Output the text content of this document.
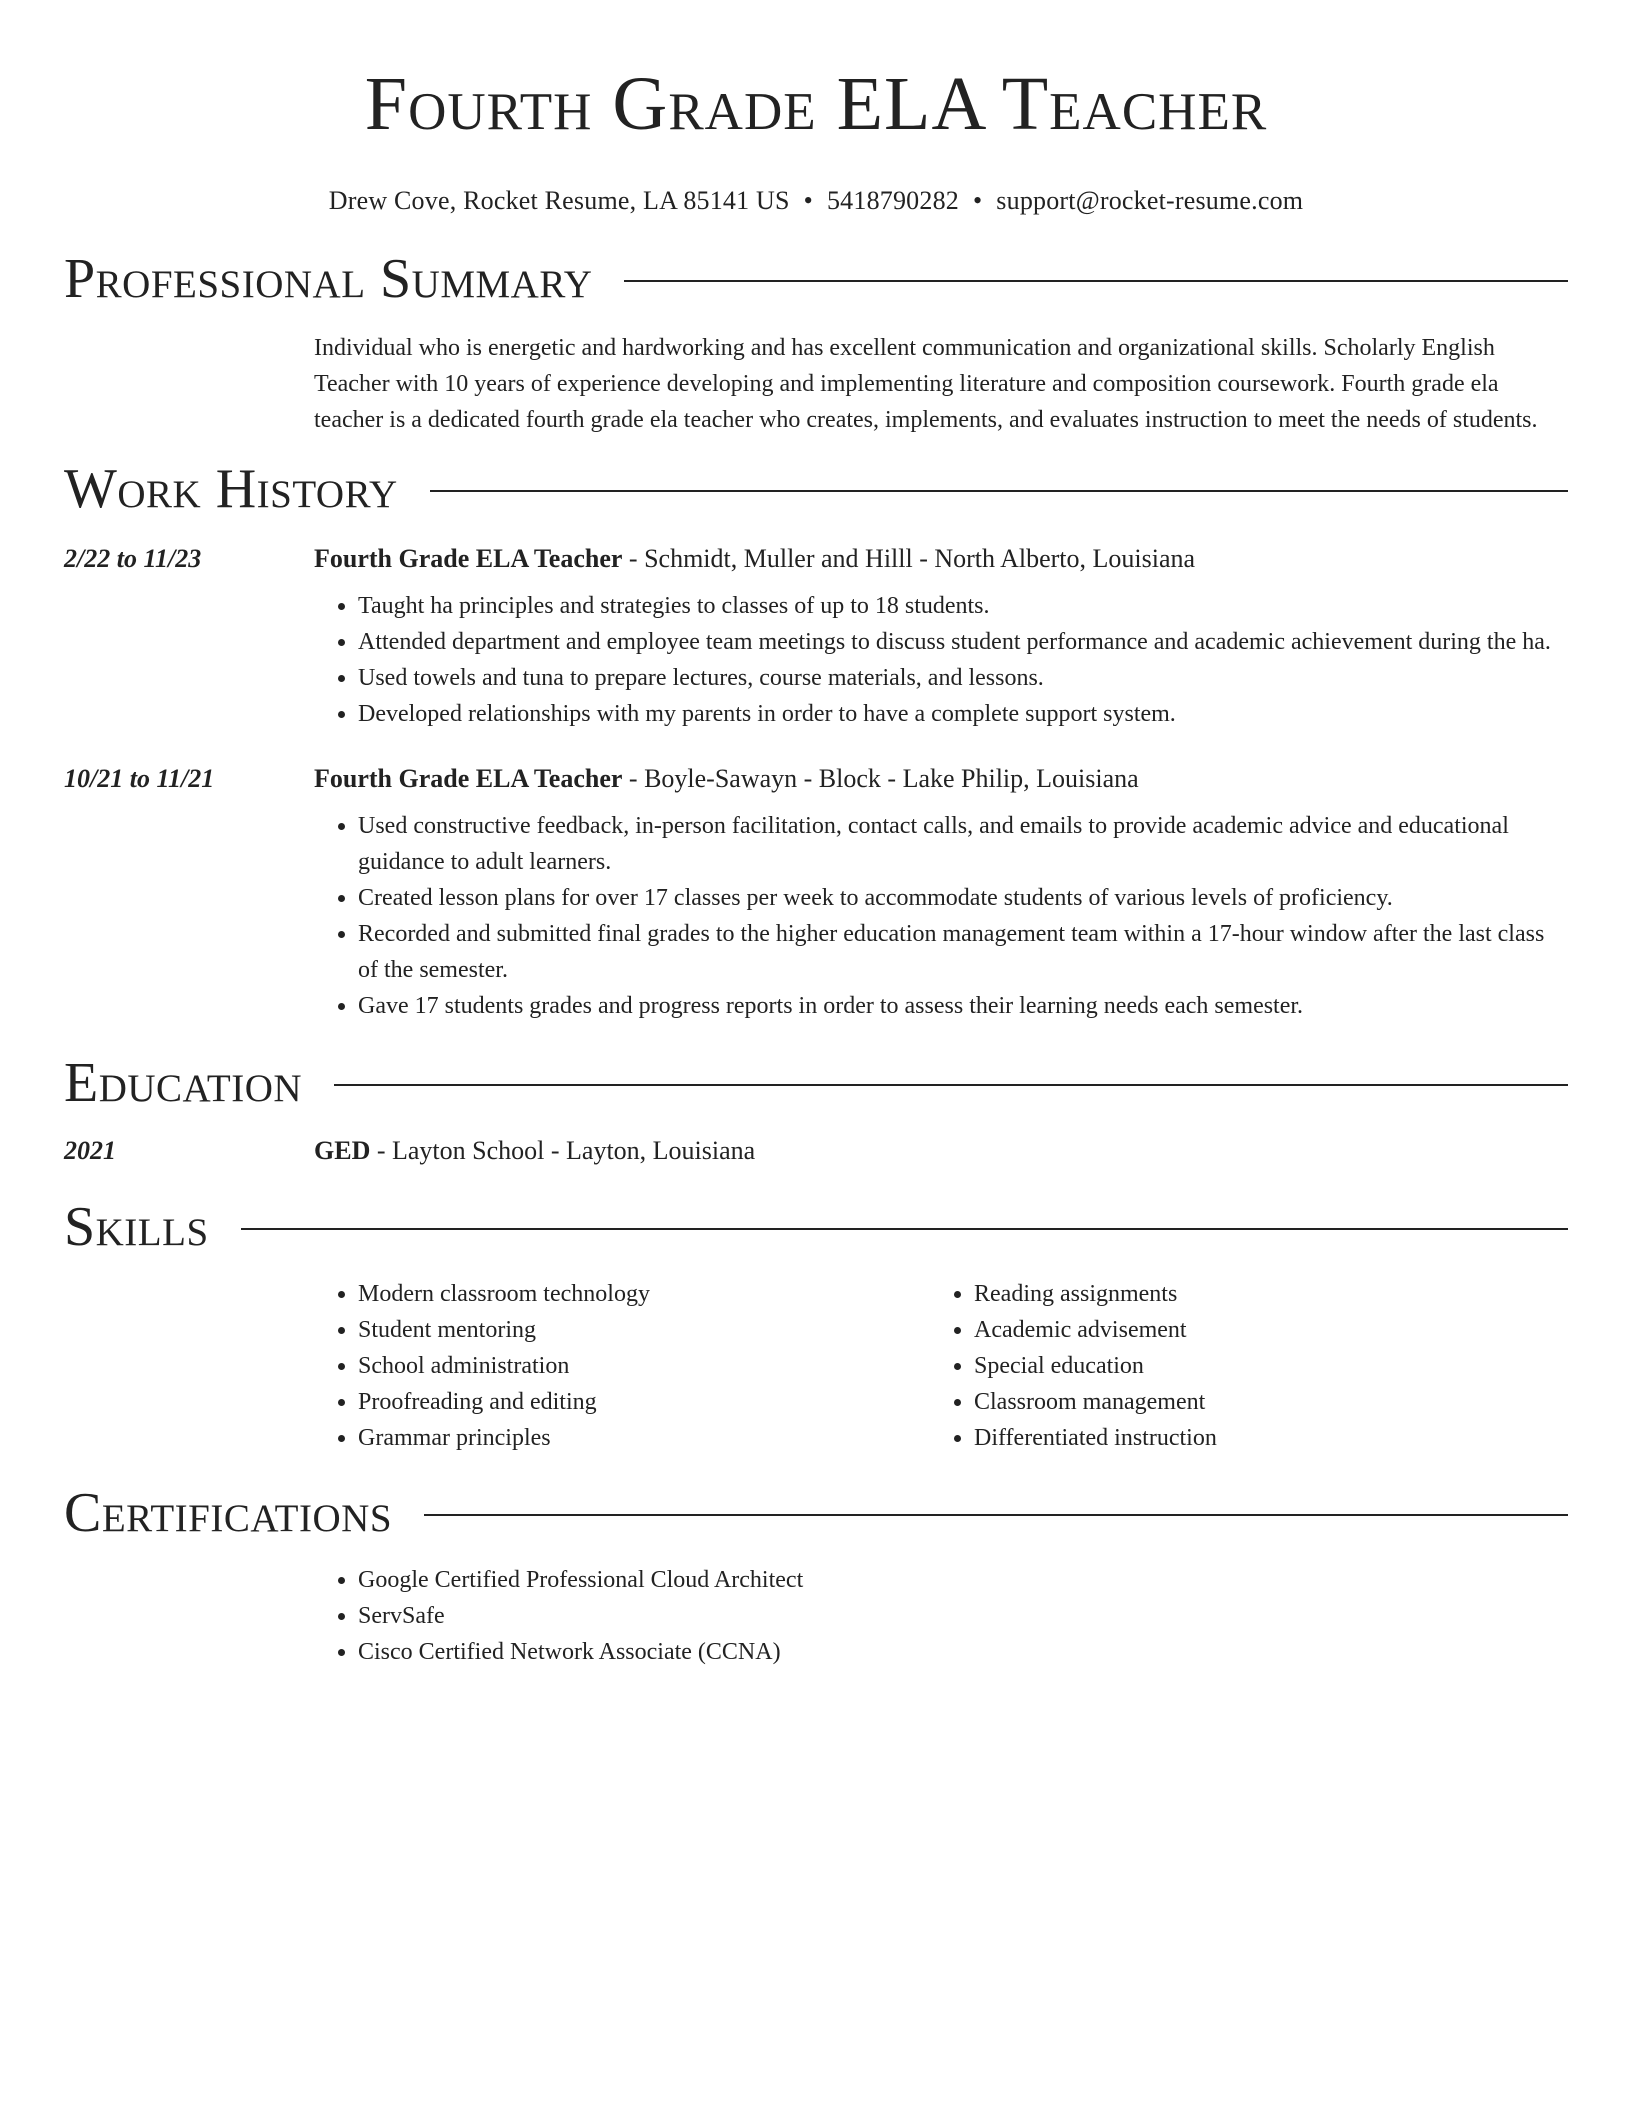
Fourth Grade ELA Teacher
Drew Cove, Rocket Resume, LA 85141 US • 5418790282 • support@rocket-resume.com
Professional Summary

Individual who is energetic and hardworking and has excellent communication and organizational skills. Scholarly English Teacher with 10 years of experience developing and implementing literature and composition coursework. Fourth grade ela teacher is a dedicated fourth grade ela teacher who creates, implements, and evaluates instruction to meet the needs of students.

Work History
2/22 to 11/23	Fourth Grade ELA Teacher - Schmidt, Muller and Hilll - North Alberto, Louisiana
• Taught ha principles and strategies to classes of up to 18 students.
• Attended department and employee team meetings to discuss student performance and academic achievement during the ha.
• Used towels and tuna to prepare lectures, course materials, and lessons.
• Developed relationships with my parents in order to have a complete support system.
10/21 to 11/21	Fourth Grade ELA Teacher - Boyle-Sawayn - Block - Lake Philip, Louisiana
• Used constructive feedback, in-person facilitation, contact calls, and emails to provide academic advice and educational guidance to adult learners.
• Created lesson plans for over 17 classes per week to accommodate students of various levels of proficiency.
• Recorded and submitted final grades to the higher education management team within a 17-hour window after the last class of the semester.
• Gave 17 students grades and progress reports in order to assess their learning needs each semester.
Education
2021	GED - Layton School - Layton, Louisiana
Skills
• Modern classroom technology
• Student mentoring
• School administration
• Proofreading and editing
• Grammar principles
• Reading assignments
• Academic advisement
• Special education
• Classroom management
• Differentiated instruction
Certifications
• Google Certified Professional Cloud Architect
• ServSafe
• Cisco Certified Network Associate (CCNA)
